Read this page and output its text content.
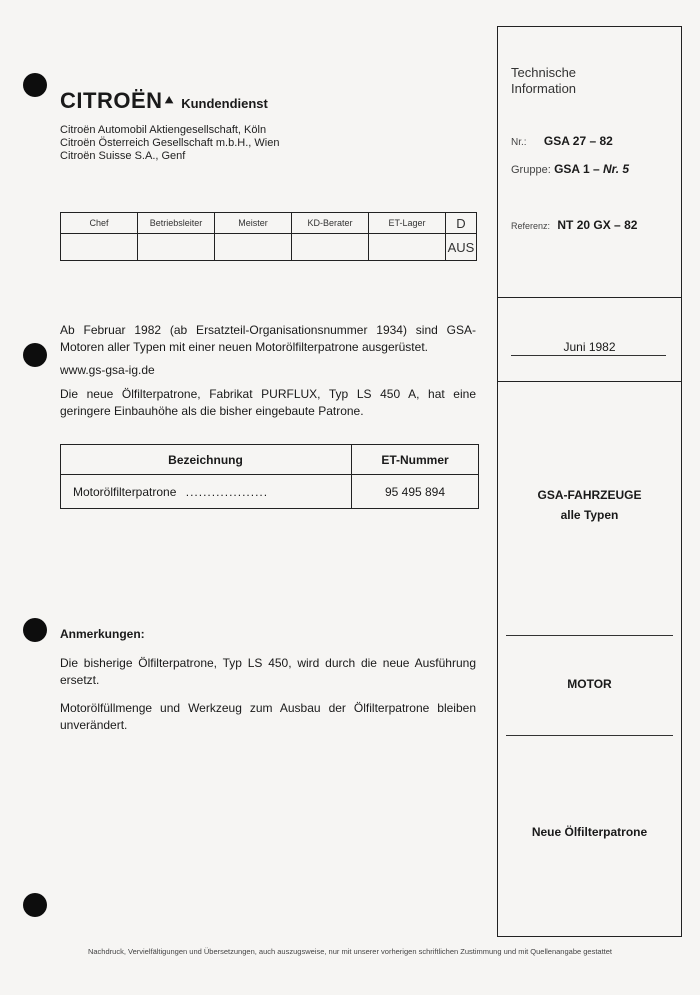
CITROËN⯅ Kundendienst
Citroën Automobil Aktiengesellschaft, Köln
Citroën Österreich Gesellschaft m.b.H., Wien
Citroën Suisse S.A., Genf
Chef	Betriebsleiter	Meister	KD-Berater	ET-Lager	D
					AUS
Ab Februar 1982 (ab Ersatzteil-Organisationsnummer 1934) sind GSA-Motoren aller Typen mit einer neuen Motorölfilterpatrone ausgerüstet.
www.gs-gsa-ig.de
Die neue Ölfilterpatrone, Fabrikat PURFLUX, Typ LS 450 A, hat eine geringere Einbauhöhe als die bisher eingebaute Patrone.
Bezeichnung	ET-Nummer
Motorölfilterpatrone ...................	95 495 894
Anmerkungen:
Die bisherige Ölfilterpatrone, Typ LS 450, wird durch die neue Ausführung ersetzt.
Motorölfüllmenge und Werkzeug zum Ausbau der Ölfilterpatrone bleiben unverändert.
Technische
Information
Nr.: GSA 27 – 82
Gruppe: GSA 1 – Nr. 5
Referenz: NT 20 GX – 82
Juni 1982
GSA-FAHRZEUGE
alle Typen
MOTOR
Neue Ölfilterpatrone
Nachdruck, Vervielfältigungen und Übersetzungen, auch auszugsweise, nur mit unserer vorherigen schriftlichen Zustimmung und mit Quellenangabe gestattet
